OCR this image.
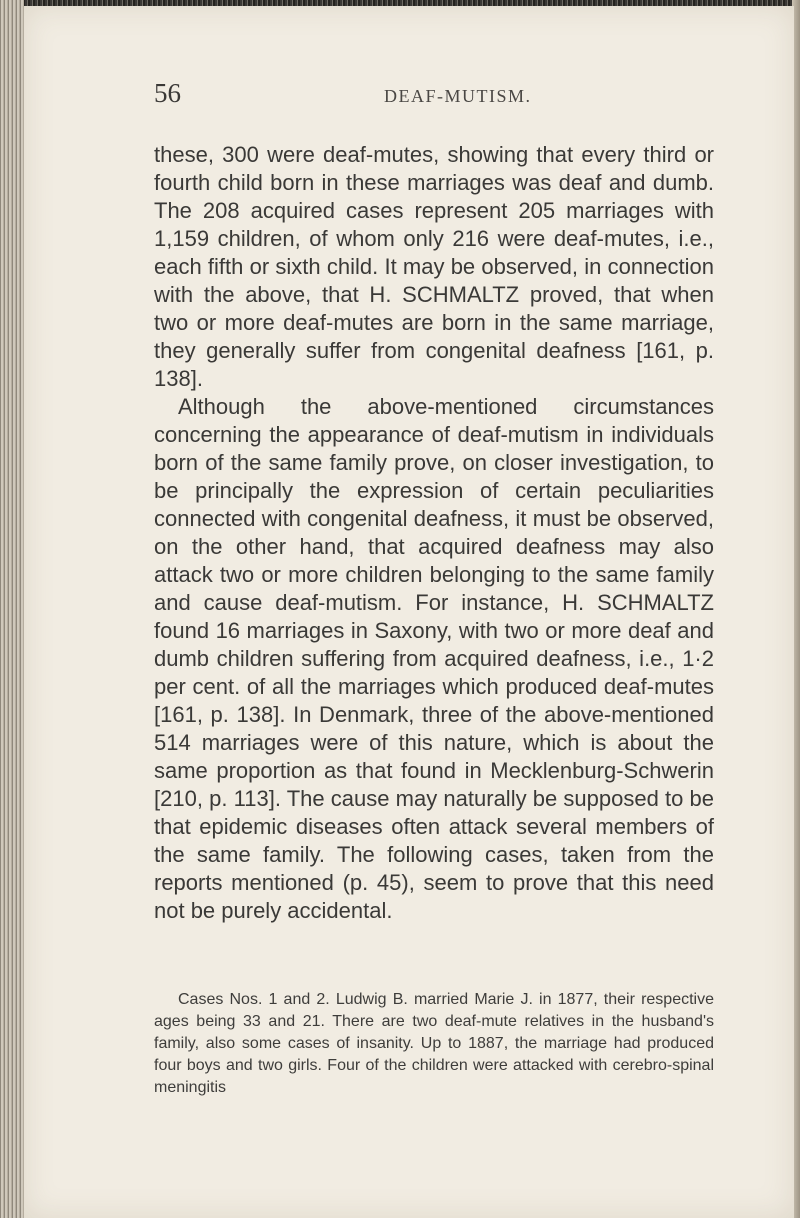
56	DEAF-MUTISM.

these, 300 were deaf-mutes, showing that every third or fourth child born in these marriages was deaf and dumb. The 208 acquired cases represent 205 marriages with 1,159 children, of whom only 216 were deaf-mutes, i.e., each fifth or sixth child. It may be observed, in connection with the above, that H. SCHMALTZ proved, that when two or more deaf-mutes are born in the same marriage, they generally suffer from congenital deafness [161, p. 138].

Although the above-mentioned circumstances concerning the appearance of deaf-mutism in individuals born of the same family prove, on closer investigation, to be principally the expression of certain peculiarities connected with congenital deafness, it must be observed, on the other hand, that acquired deafness may also attack two or more children belonging to the same family and cause deaf-mutism. For instance, H. SCHMALTZ found 16 marriages in Saxony, with two or more deaf and dumb children suffering from acquired deafness, i.e., 1·2 per cent. of all the marriages which produced deaf-mutes [161, p. 138]. In Denmark, three of the above-mentioned 514 marriages were of this nature, which is about the same proportion as that found in Mecklenburg-Schwerin [210, p. 113]. The cause may naturally be supposed to be that epidemic diseases often attack several members of the same family. The following cases, taken from the reports mentioned (p. 45), seem to prove that this need not be purely accidental.

Cases Nos. 1 and 2. Ludwig B. married Marie J. in 1877, their respective ages being 33 and 21. There are two deaf-mute relatives in the husband's family, also some cases of insanity. Up to 1887, the marriage had produced four boys and two girls. Four of the children were attacked with cerebro-spinal meningitis
